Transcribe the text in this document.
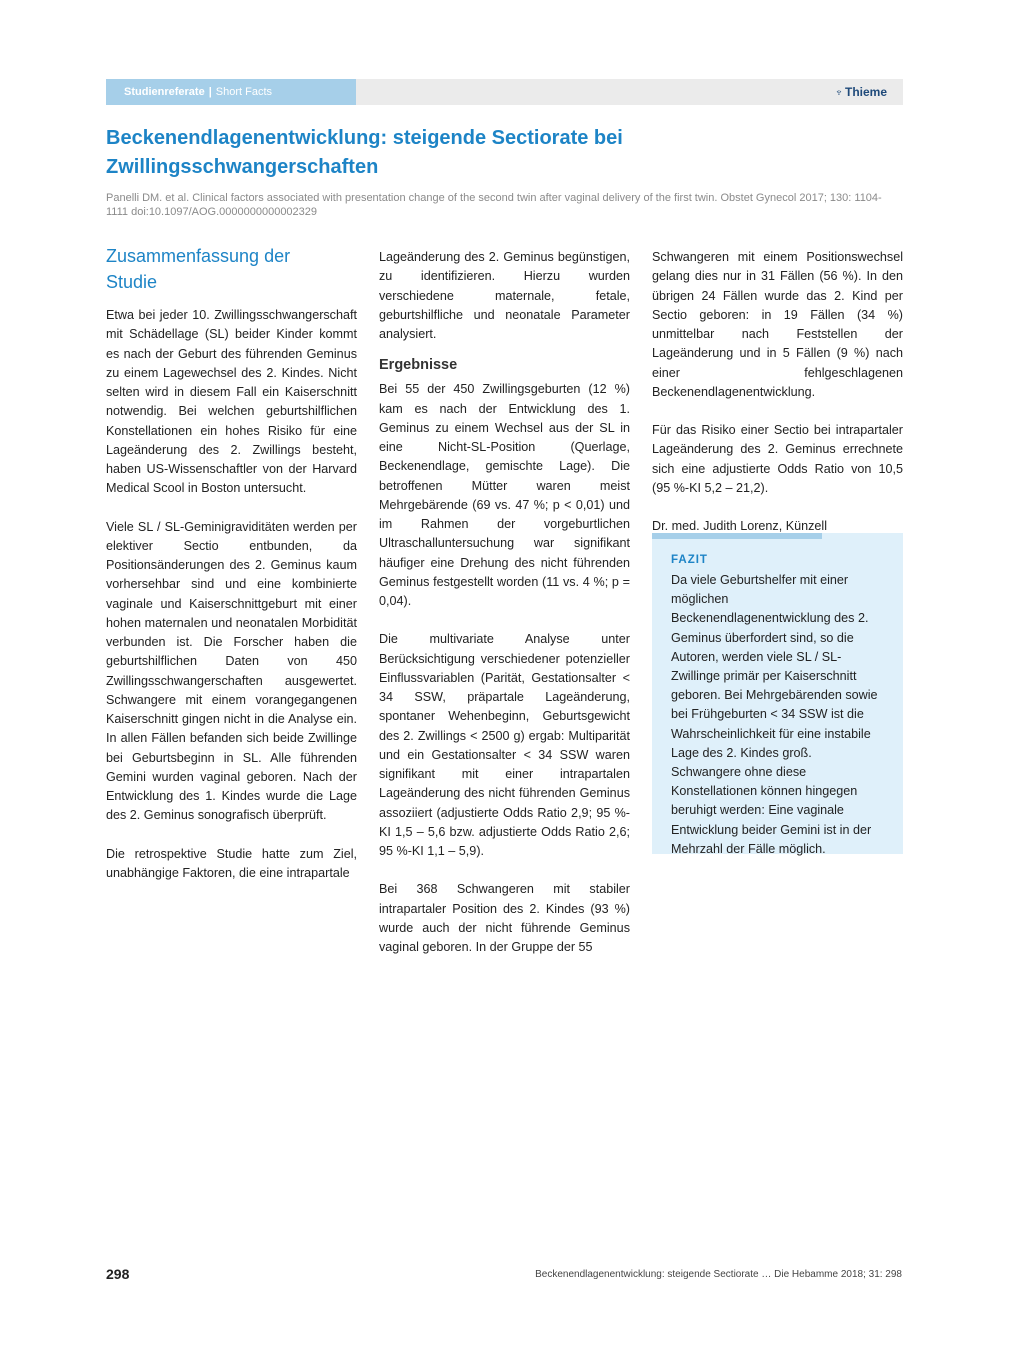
Studienreferate | Short Facts	♆ Thieme
Beckenendlagenentwicklung: steigende Sectiorate bei
Zwillingsschwangerschaften
Panelli DM. et al. Clinical factors associated with presentation change of the second twin after vaginal delivery of the first twin. Obstet Gynecol 2017; 130: 1104-1111 doi:10.1097/AOG.0000000000002329
Zusammenfassung der
Studie

Etwa bei jeder 10. Zwillingsschwangerschaft mit Schädellage (SL) beider Kinder kommt es nach der Geburt des führenden Geminus zu einem Lagewechsel des 2. Kindes. Nicht selten wird in diesem Fall ein Kaiserschnitt notwendig. Bei welchen geburtshilflichen Konstellationen ein hohes Risiko für eine Lageänderung des 2. Zwillings besteht, haben US-Wissenschaftler von der Harvard Medical Scool in Boston untersucht.

Viele SL / SL-Geminigraviditäten werden per elektiver Sectio entbunden, da Positionsänderungen des 2. Geminus kaum vorhersehbar sind und eine kombinierte vaginale und Kaiserschnittgeburt mit einer hohen maternalen und neonatalen Morbidität verbunden ist. Die Forscher haben die geburtshilflichen Daten von 450 Zwillingsschwangerschaften ausgewertet. Schwangere mit einem vorangegangenen Kaiserschnitt gingen nicht in die Analyse ein. In allen Fällen befanden sich beide Zwillinge bei Geburtsbeginn in SL. Alle führenden Gemini wurden vaginal geboren. Nach der Entwicklung des 1. Kindes wurde die Lage des 2. Geminus sonografisch überprüft.

Die retrospektive Studie hatte zum Ziel, unabhängige Faktoren, die eine intrapartale

Lageänderung des 2. Geminus begünstigen, zu identifizieren. Hierzu wurden verschiedene maternale, fetale, geburtshilfliche und neonatale Parameter analysiert.

Ergebnisse

Bei 55 der 450 Zwillingsgeburten (12 %) kam es nach der Entwicklung des 1. Geminus zu einem Wechsel aus der SL in eine Nicht-SL-Position (Querlage, Beckenendlage, gemischte Lage). Die betroffenen Mütter waren meist Mehrgebärende (69 vs. 47 %; p < 0,01) und im Rahmen der vorgeburtlichen Ultraschalluntersuchung war signifikant häufiger eine Drehung des nicht führenden Geminus festgestellt worden (11 vs. 4 %; p = 0,04).

Die multivariate Analyse unter Berücksichtigung verschiedener potenzieller Einflussvariablen (Parität, Gestationsalter < 34 SSW, präpartale Lageänderung, spontaner Wehenbeginn, Geburtsgewicht des 2. Zwillings < 2500 g) ergab: Multiparität und ein Gestationsalter < 34 SSW waren signifikant mit einer intrapartalen Lageänderung des nicht führenden Geminus assoziiert (adjustierte Odds Ratio 2,9; 95 %-KI 1,5 – 5,6 bzw. adjustierte Odds Ratio 2,6; 95 %-KI 1,1 – 5,9).

Bei 368 Schwangeren mit stabiler intrapartaler Position des 2. Kindes (93 %) wurde auch der nicht führende Geminus vaginal geboren. In der Gruppe der 55

Schwangeren mit einem Positionswechsel gelang dies nur in 31 Fällen (56 %). In den übrigen 24 Fällen wurde das 2. Kind per Sectio geboren: in 19 Fällen (34 %) unmittelbar nach Feststellen der Lageänderung und in 5 Fällen (9 %) nach einer fehlgeschlagenen Beckenendlagenentwicklung.

Für das Risiko einer Sectio bei intrapartaler Lageänderung des 2. Geminus errechnete sich eine adjustierte Odds Ratio von 10,5 (95 %-KI 5,2 – 21,2).

Dr. med. Judith Lorenz, Künzell

FAZIT

Da viele Geburtshelfer mit einer möglichen Beckenendlagenentwicklung des 2. Geminus überfordert sind, so die Autoren, werden viele SL / SL-Zwillinge primär per Kaiserschnitt geboren. Bei Mehrgebärenden sowie bei Frühgeburten < 34 SSW ist die Wahrscheinlichkeit für eine instabile Lage des 2. Kindes groß. Schwangere ohne diese Konstellationen können hingegen beruhigt werden: Eine vaginale Entwicklung beider Gemini ist in der Mehrzahl der Fälle möglich.

298	Beckenendlagenentwicklung: steigende Sectiorate … Die Hebamme 2018; 31: 298
